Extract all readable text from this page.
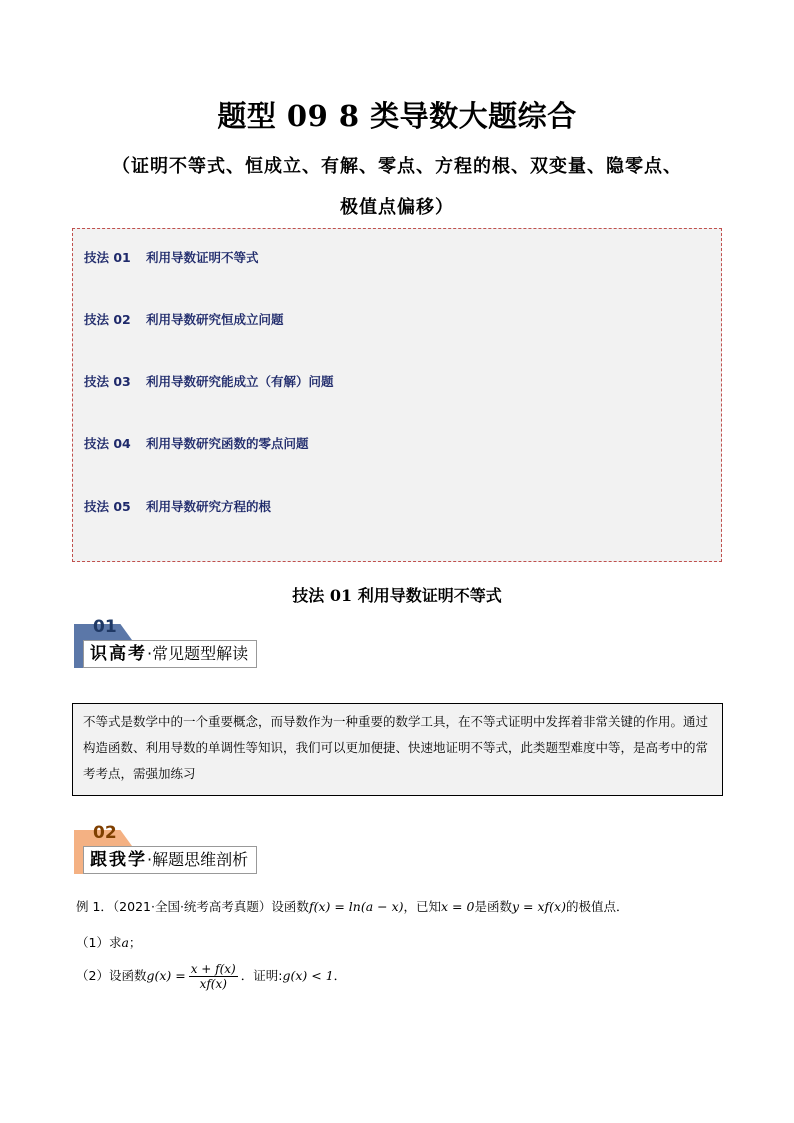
题型 09 8 类导数大题综合
（证明不等式、恒成立、有解、零点、方程的根、双变量、隐零点、
极值点偏移）
技法 01 利用导数证明不等式
技法 02 利用导数研究恒成立问题
技法 03 利用导数研究能成立（有解）问题
技法 04 利用导数研究函数的零点问题
技法 05 利用导数研究方程的根
技法 01 利用导数证明不等式
01
识高考·常见题型解读
不等式是数学中的一个重要概念，而导数作为一种重要的数学工具，在不等式证明中发挥着非常关键的作用。通过构造函数、利用导数的单调性等知识，我们可以更加便捷、快速地证明不等式，此类题型难度中等，是高考中的常考考点，需强加练习
02
跟我学·解题思维剖析
例 1．（2021·全国·统考高考真题）设函数f(x) = ln(a − x)，已知x = 0是函数y = xf(x)的极值点．
（1）求a；
（2）设函数$g(x) = \frac{x + f(x)}{xf(x)}$ ．证明:g(x) < 1．
